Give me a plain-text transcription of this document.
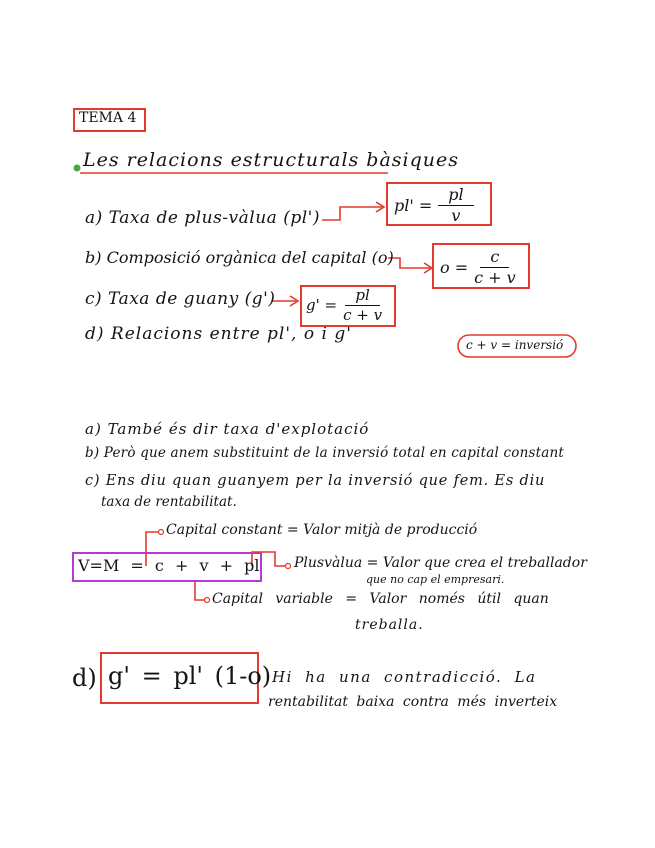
TEMA 4
Les relacions estructurals bàsiques
a) Taxa de plus-vàlua (pl')
b) Composició orgànica del capital (o)
c) Taxa de guany (g')
d) Relacions entre pl', o i g'
$pl' = \frac{pl}{v}$
$o = \frac{c}{c + v}$
$g' = \frac{pl}{c + v}$
c + v = inversió
a) També és dir taxa d'explotació
b) Però que anem substituint de la inversió total en capital constant
c) Ens diu quan guanyem per la inversió que fem. Es diu
taxa de rentabilitat.
Capital constant = Valor mitjà de producció
V=M = c + v + pl Plusvàlua = Valor que crea el treballador
que no cap el empresari.
Capital variable = Valor només útil quan
treballa.
d) g' = pl' (1-o) Hi ha una contradicció. La
rentabilitat baixa contra més inverteix
